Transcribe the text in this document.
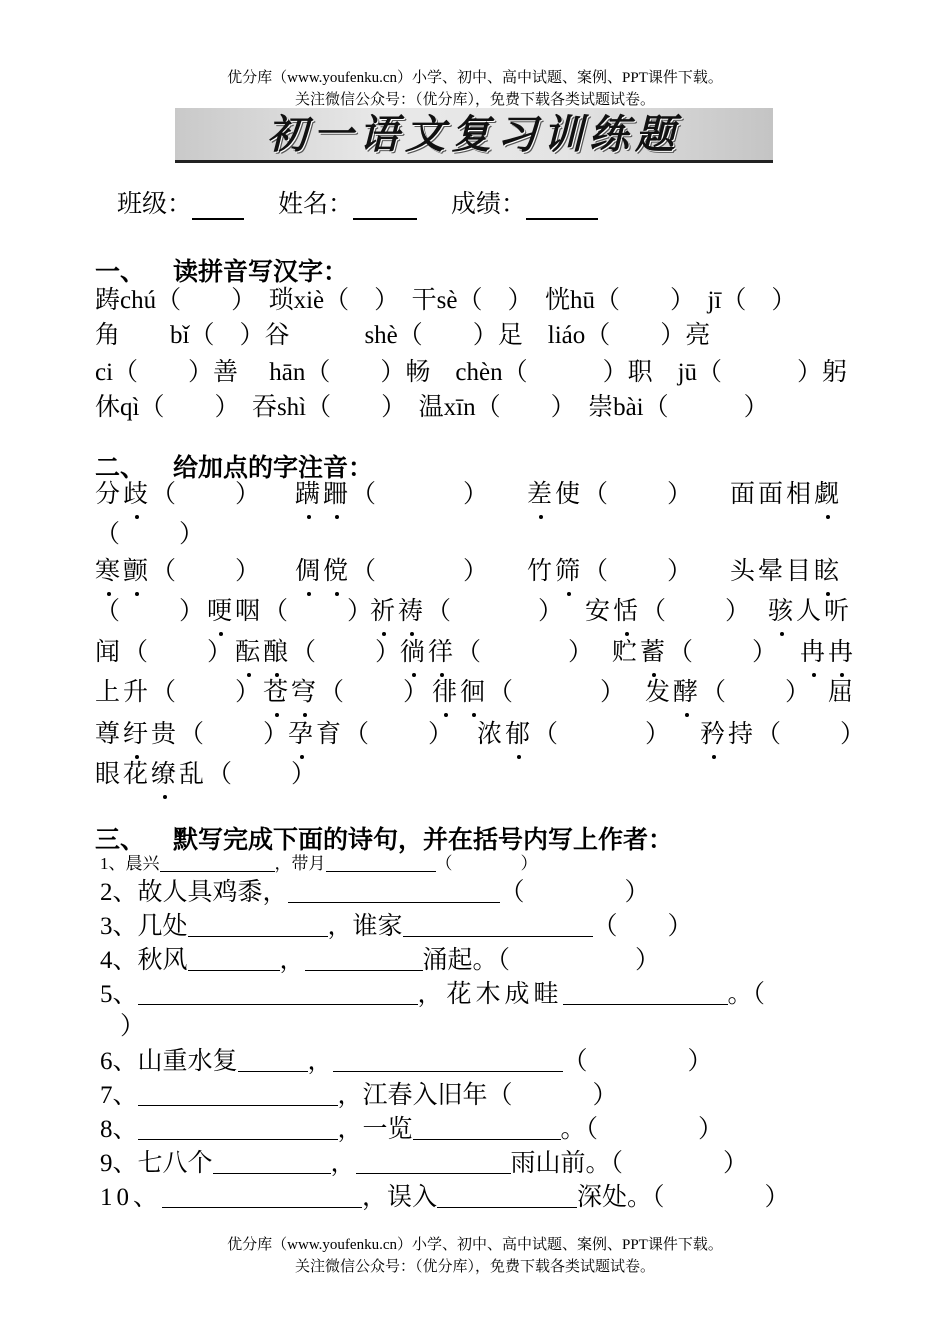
优分库（www.youfenku.cn）小学、初中、高中试题、案例、PPT课件下载。
关注微信公众号：（优分库），免费下载各类试题试卷。
初一语文复习训练题
班级：	姓名：	成绩：
一、 读拼音写汉字：
踌chú（　　）　琐xiè（　）　干sè（　）　恍hū（　　）　jī（　）
角　　bǐ（　）谷　　　shè（　　）足　liáo（　　）亮
ci（　　）善　 hān（　　）畅　chèn（　　　）职　jū（　　　）躬
休qì（　　）　吞shì（　　）　温xīn（　　）　崇bài（　　　）
二、 给加点的字注音：
分歧（　　） 蹒跚（　　　） 差使（　　） 面面相觑
（　　）
寒颤（　　） 倜傥（　　　） 竹筛（　　） 头晕目眩
（　　）哽咽（　　）
祈祷（　　　） 安恬（　　） 骇人听
闻（　　）酝酿（　　）
徜徉（　　　） 贮蓄（　　） 冉冉
上升（　　）苍穹（　　） 徘徊（　　　） 发酵（　　） 屈
尊纡贵（　　）
孕育（　　） 浓郁（　　　） 矜持（　　）
眼花缭乱（　　）
三、 默写完成下面的诗句，并在括号内写上作者：
1、晨兴	，带月	（　　　　）
2、故人具鸡黍，	（　　　　）
3、几处	，谁家	（　　）
4、秋风	，	涌起。（　　　　　）
5、	，花木成畦	。（
）
6、山重水复	，	（　　　　）
7、	，江春入旧年（	）
8、	，一览	。（　　　　）
9、七八个	，	雨山前。（　　　　）
10、	，误入	深处。（　　　　）
优分库（www.youfenku.cn）小学、初中、高中试题、案例、PPT课件下载。
关注微信公众号：（优分库），免费下载各类试题试卷。
